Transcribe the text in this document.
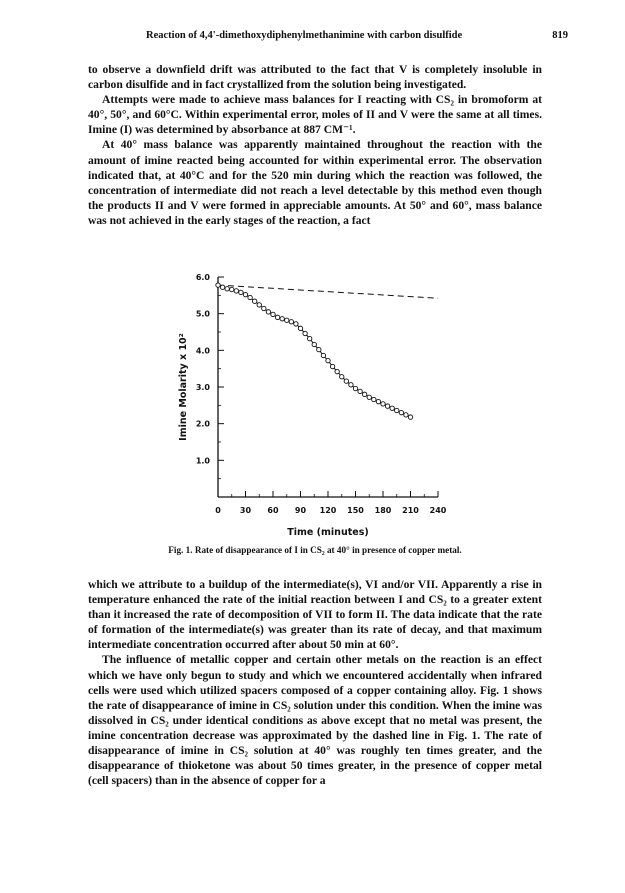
Reaction of 4,4'-dimethoxydiphenylmethanimine with carbon disulfide	819

to observe a downfield drift was attributed to the fact that V is completely insoluble in carbon disulfide and in fact crystallized from the solution being investigated.

Attempts were made to achieve mass balances for I reacting with CS₂ in bromoform at 40°, 50°, and 60°C. Within experimental error, moles of II and V were the same at all times. Imine (I) was determined by absorbance at 887 CM⁻¹.

At 40° mass balance was apparently maintained throughout the reaction with the amount of imine reacted being accounted for within experimental error. The observation indicated that, at 40°C and for the 520 min during which the reaction was followed, the concentration of intermediate did not reach a level detectable by this method even though the products II and V were formed in appreciable amounts. At 50° and 60°, mass balance was not achieved in the early stages of the reaction, a fact

0 30 60 90 120 150 180 210 240
1.0
2.0
3.0
4.0
5.0
6.0
Time (minutes)
Imine Molarity x 10²
Fig. 1. Rate of disappearance of I in CS₂ at 40° in presence of copper metal.

which we attribute to a buildup of the intermediate(s), VI and/or VII. Apparently a rise in temperature enhanced the rate of the initial reaction between I and CS₂ to a greater extent than it increased the rate of decomposition of VII to form II. The data indicate that the rate of formation of the intermediate(s) was greater than its rate of decay, and that maximum intermediate concentration occurred after about 50 min at 60°.

The influence of metallic copper and certain other metals on the reaction is an effect which we have only begun to study and which we encountered accidentally when infrared cells were used which utilized spacers composed of a copper containing alloy. Fig. 1 shows the rate of disappearance of imine in CS₂ solution under this condition. When the imine was dissolved in CS₂ under identical conditions as above except that no metal was present, the imine concentration decrease was approximated by the dashed line in Fig. 1. The rate of disappearance of imine in CS₂ solution at 40° was roughly ten times greater, and the disappearance of thioketone was about 50 times greater, in the presence of copper metal (cell spacers) than in the absence of copper for a
